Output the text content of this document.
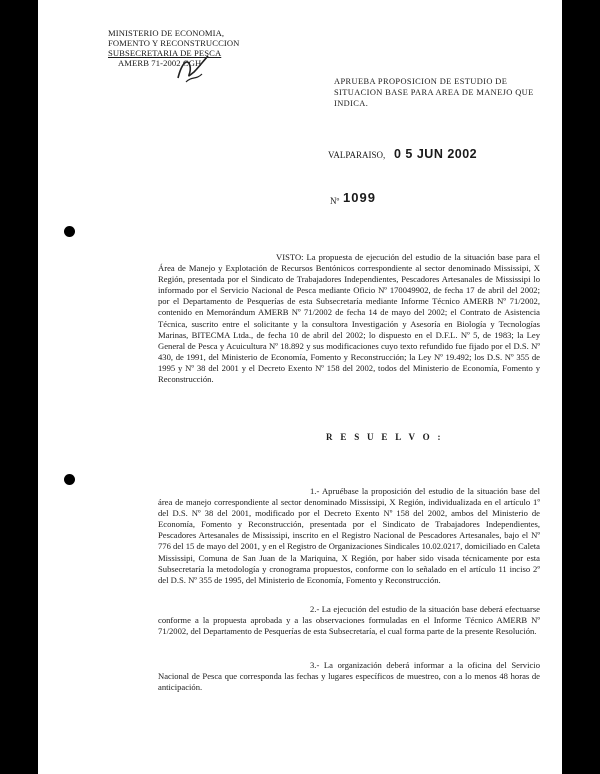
MINISTERIO DE ECONOMIA,
FOMENTO Y RECONSTRUCCION
SUBSECRETARIA DE PESCA
AMERB 71-2002 CGH
APRUEBA PROPOSICION DE ESTUDIO DE SITUACION BASE PARA AREA DE MANEJO QUE INDICA.
VALPARAISO, 0 5 JUN 2002
Nº 1099
VISTO: La propuesta de ejecución del estudio de la situación base para el Área de Manejo y Explotación de Recursos Bentónicos correspondiente al sector denominado Mississipi, X Región, presentada por el Sindicato de Trabajadores Independientes, Pescadores Artesanales de Mississipi lo informado por el Servicio Nacional de Pesca mediante Oficio Nº 170049902, de fecha 17 de abril del 2002; por el Departamento de Pesquerías de esta Subsecretaría mediante Informe Técnico AMERB Nº 71/2002, contenido en Memorándum AMERB Nº 71/2002 de fecha 14 de mayo del 2002; el Contrato de Asistencia Técnica, suscrito entre el solicitante y la consultora Investigación y Asesoría en Biología y Tecnologías Marinas, BITECMA Ltda., de fecha 10 de abril del 2002; lo dispuesto en el D.F.L. Nº 5, de 1983; la Ley General de Pesca y Acuicultura Nº 18.892 y sus modificaciones cuyo texto refundido fue fijado por el D.S. Nº 430, de 1991, del Ministerio de Economía, Fomento y Reconstrucción; la Ley Nº 19.492; los D.S. Nº 355 de 1995 y Nº 38 del 2001 y el Decreto Exento Nº 158 del 2002, todos del Ministerio de Economía, Fomento y Reconstrucción.
R E S U E L V O :
1.- Apruébase la proposición del estudio de la situación base del área de manejo correspondiente al sector denominado Mississipi, X Región, individualizada en el artículo 1º del D.S. Nº 38 del 2001, modificado por el Decreto Exento Nº 158 del 2002, ambos del Ministerio de Economía, Fomento y Reconstrucción, presentada por el Sindicato de Trabajadores Independientes, Pescadores Artesanales de Mississipi, inscrito en el Registro Nacional de Pescadores Artesanales, bajo el Nº 776 del 15 de mayo del 2001, y en el Registro de Organizaciones Sindicales 10.02.0217, domiciliado en Caleta Mississipi, Comuna de San Juan de la Mariquina, X Región, por haber sido visada técnicamente por esta Subsecretaría la metodología y cronograma propuestos, conforme con lo señalado en el artículo 11 inciso 2º del D.S. Nº 355 de 1995, del Ministerio de Economía, Fomento y Reconstrucción.
2.- La ejecución del estudio de la situación base deberá efectuarse conforme a la propuesta aprobada y a las observaciones formuladas en el Informe Técnico AMERB Nº 71/2002, del Departamento de Pesquerías de esta Subsecretaría, el cual forma parte de la presente Resolución.
3.- La organización deberá informar a la oficina del Servicio Nacional de Pesca que corresponda las fechas y lugares específicos de muestreo, con a lo menos 48 horas de anticipación.
